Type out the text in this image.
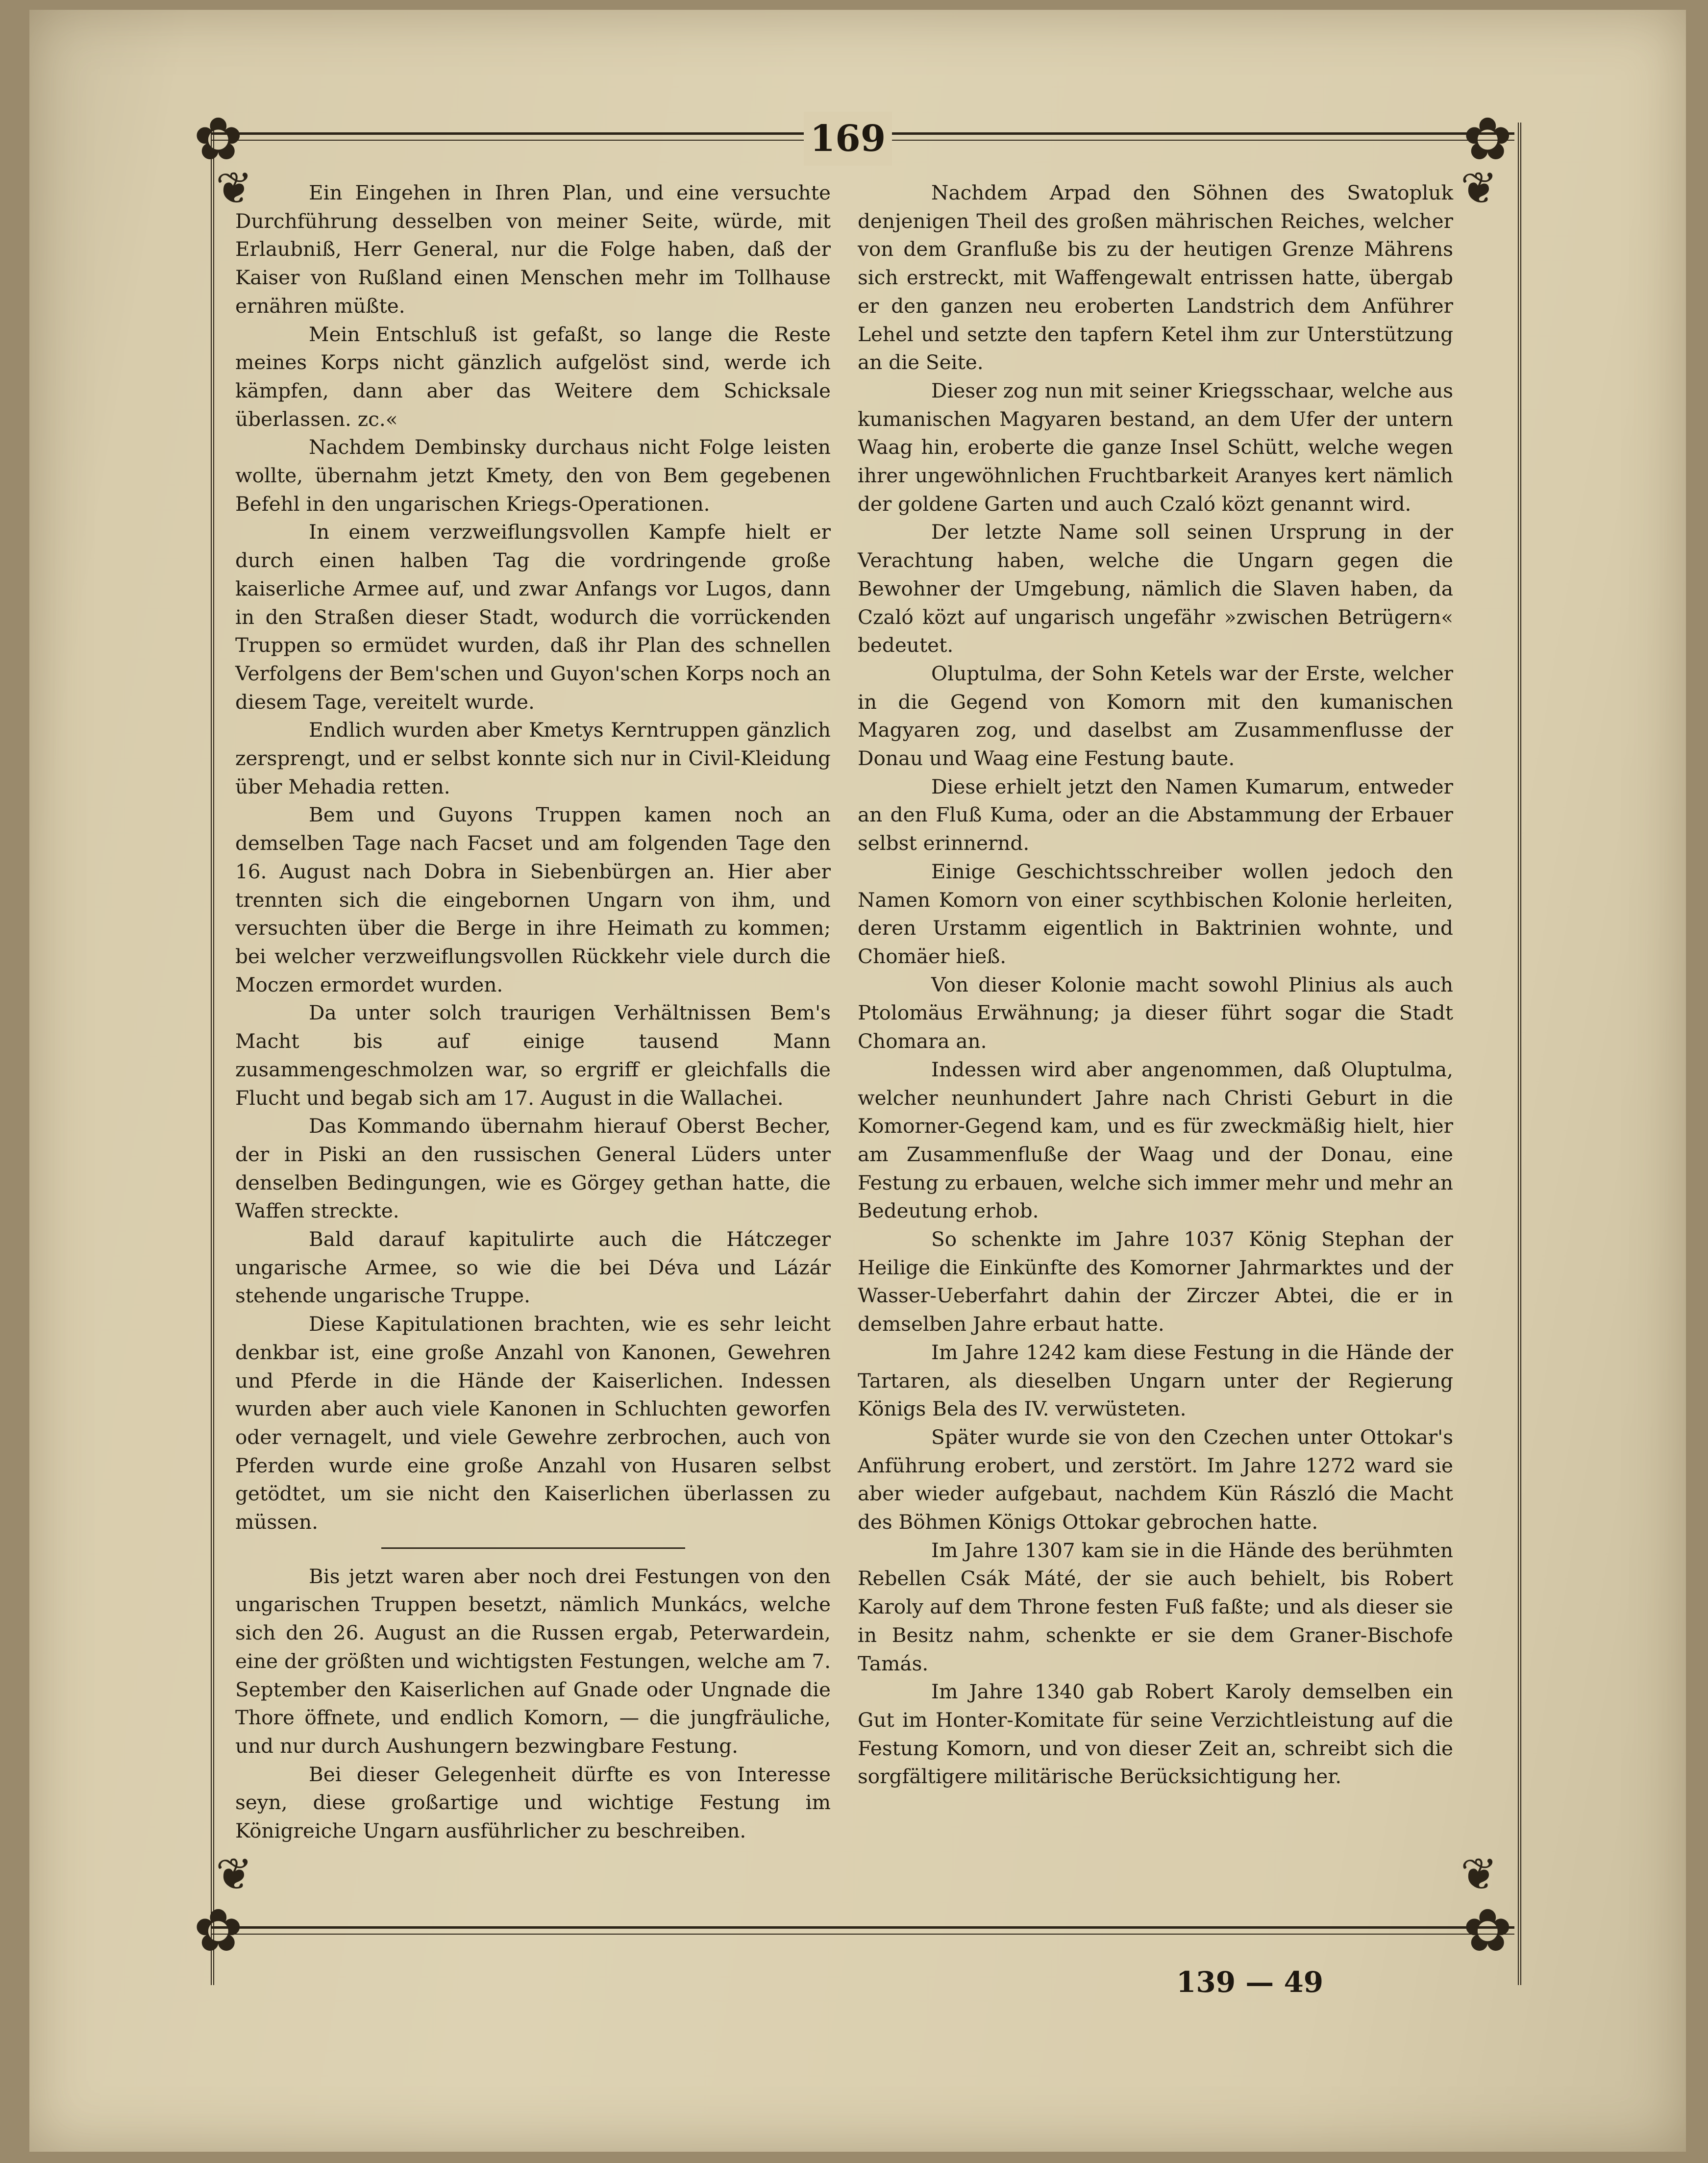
✿	✿
✿	✿
❦	❦
❦	❦
169

Ein Eingehen in Ihren Plan, und eine versuchte Durchführung desselben von meiner Seite, würde, mit Erlaubniß, Herr General, nur die Folge haben, daß der Kaiser von Rußland einen Menschen mehr im Tollhause ernähren müßte.

Mein Entschluß ist gefaßt, so lange die Reste meines Korps nicht gänzlich aufgelöst sind, werde ich kämpfen, dann aber das Weitere dem Schicksale überlassen. zc.«

Nachdem Dembinsky durchaus nicht Folge leisten wollte, übernahm jetzt Kmety, den von Bem gegebenen Befehl in den ungarischen Kriegs-Operationen.

In einem verzweiflungsvollen Kampfe hielt er durch einen halben Tag die vordringende große kaiserliche Armee auf, und zwar Anfangs vor Lugos, dann in den Straßen dieser Stadt, wodurch die vorrückenden Truppen so ermüdet wurden, daß ihr Plan des schnellen Verfolgens der Bem'schen und Guyon'schen Korps noch an diesem Tage, vereitelt wurde.

Endlich wurden aber Kmetys Kerntruppen gänzlich zersprengt, und er selbst konnte sich nur in Civil-Kleidung über Mehadia retten.

Bem und Guyons Truppen kamen noch an demselben Tage nach Facset und am folgenden Tage den 16. August nach Dobra in Siebenbürgen an. Hier aber trennten sich die eingebornen Ungarn von ihm, und versuchten über die Berge in ihre Heimath zu kommen; bei welcher verzweiflungsvollen Rückkehr viele durch die Moczen ermordet wurden.

Da unter solch traurigen Verhältnissen Bem's Macht bis auf einige tausend Mann zusammengeschmolzen war, so ergriff er gleichfalls die Flucht und begab sich am 17. August in die Wallachei.

Das Kommando übernahm hierauf Oberst Becher, der in Piski an den russischen General Lüders unter denselben Bedingungen, wie es Görgey gethan hatte, die Waffen streckte.

Bald darauf kapitulirte auch die Hátczeger ungarische Armee, so wie die bei Déva und Lázár stehende ungarische Truppe.

Diese Kapitulationen brachten, wie es sehr leicht denkbar ist, eine große Anzahl von Kanonen, Gewehren und Pferde in die Hände der Kaiserlichen. Indessen wurden aber auch viele Kanonen in Schluchten geworfen oder vernagelt, und viele Gewehre zerbrochen, auch von Pferden wurde eine große Anzahl von Husaren selbst getödtet, um sie nicht den Kaiserlichen überlassen zu müssen.

Bis jetzt waren aber noch drei Festungen von den ungarischen Truppen besetzt, nämlich Munkács, welche sich den 26. August an die Russen ergab, Peterwardein, eine der größten und wichtigsten Festungen, welche am 7. September den Kaiserlichen auf Gnade oder Ungnade die Thore öffnete, und endlich Komorn, — die jungfräuliche, und nur durch Aushungern bezwingbare Festung.

Bei dieser Gelegenheit dürfte es von Interesse seyn, diese großartige und wichtige Festung im Königreiche Ungarn ausführlicher zu beschreiben.

Nachdem Arpad den Söhnen des Swatopluk denjenigen Theil des großen mährischen Reiches, welcher von dem Granfluße bis zu der heutigen Grenze Mährens sich erstreckt, mit Waffengewalt entrissen hatte, übergab er den ganzen neu eroberten Landstrich dem Anführer Lehel und setzte den tapfern Ketel ihm zur Unterstützung an die Seite.

Dieser zog nun mit seiner Kriegsschaar, welche aus kumanischen Magyaren bestand, an dem Ufer der untern Waag hin, eroberte die ganze Insel Schütt, welche wegen ihrer ungewöhnlichen Fruchtbarkeit Aranyes kert nämlich der goldene Garten und auch Czaló közt genannt wird.

Der letzte Name soll seinen Ursprung in der Verachtung haben, welche die Ungarn gegen die Bewohner der Umgebung, nämlich die Slaven haben, da Czaló közt auf ungarisch ungefähr »zwischen Betrügern« bedeutet.

Oluptulma, der Sohn Ketels war der Erste, welcher in die Gegend von Komorn mit den kumanischen Magyaren zog, und daselbst am Zusammenflusse der Donau und Waag eine Festung baute.

Diese erhielt jetzt den Namen Kumarum, entweder an den Fluß Kuma, oder an die Abstammung der Erbauer selbst erinnernd.

Einige Geschichtsschreiber wollen jedoch den Namen Komorn von einer scythbischen Kolonie herleiten, deren Urstamm eigentlich in Baktrinien wohnte, und Chomäer hieß.

Von dieser Kolonie macht sowohl Plinius als auch Ptolomäus Erwähnung; ja dieser führt sogar die Stadt Chomara an.

Indessen wird aber angenommen, daß Oluptulma, welcher neunhundert Jahre nach Christi Geburt in die Komorner-Gegend kam, und es für zweckmäßig hielt, hier am Zusammenfluße der Waag und der Donau, eine Festung zu erbauen, welche sich immer mehr und mehr an Bedeutung erhob.

So schenkte im Jahre 1037 König Stephan der Heilige die Einkünfte des Komorner Jahrmarktes und der Wasser-Ueberfahrt dahin der Zirczer Abtei, die er in demselben Jahre erbaut hatte.

Im Jahre 1242 kam diese Festung in die Hände der Tartaren, als dieselben Ungarn unter der Regierung Königs Bela des IV. verwüsteten.

Später wurde sie von den Czechen unter Ottokar's Anführung erobert, und zerstört. Im Jahre 1272 ward sie aber wieder aufgebaut, nachdem Kün Rászló die Macht des Böhmen Königs Ottokar gebrochen hatte.

Im Jahre 1307 kam sie in die Hände des berühmten Rebellen Csák Máté, der sie auch behielt, bis Robert Karoly auf dem Throne festen Fuß faßte; und als dieser sie in Besitz nahm, schenkte er sie dem Graner-Bischofe Tamás.

Im Jahre 1340 gab Robert Karoly demselben ein Gut im Honter-Komitate für seine Verzichtleistung auf die Festung Komorn, und von dieser Zeit an, schreibt sich die sorgfältigere militärische Berücksichtigung her.

139 — 49
